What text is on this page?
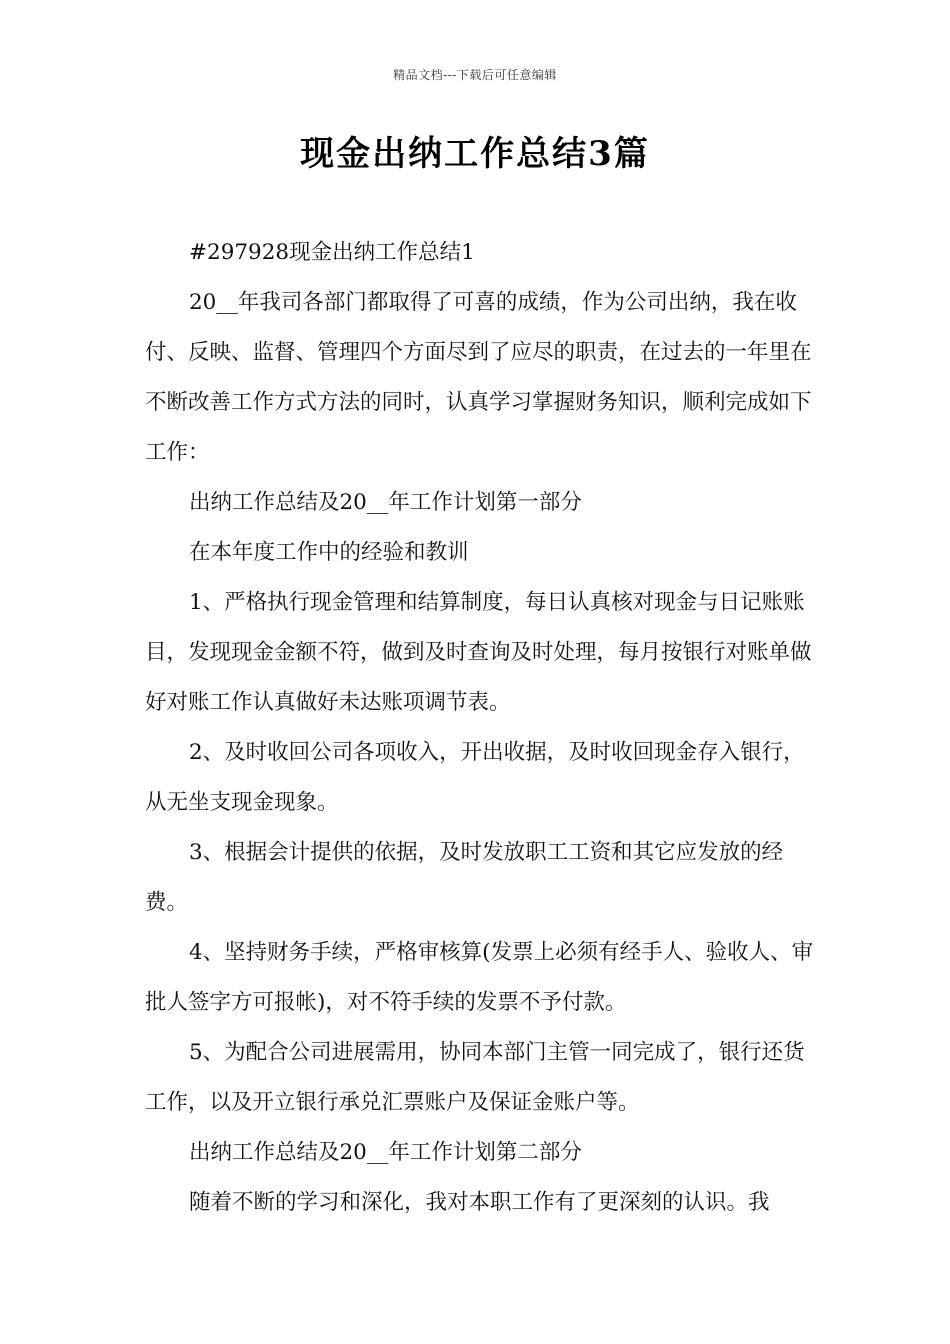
精品文档---下载后可任意编辑
现金出纳工作总结3篇

#297928现金出纳工作总结1

20__年我司各部门都取得了可喜的成绩，作为公司出纳，我在收付、反映、监督、管理四个方面尽到了应尽的职责，在过去的一年里在不断改善工作方式方法的同时，认真学习掌握财务知识，顺利完成如下工作：

出纳工作总结及20__年工作计划第一部分

在本年度工作中的经验和教训

1、严格执行现金管理和结算制度，每日认真核对现金与日记账账目，发现现金金额不符，做到及时查询及时处理，每月按银行对账单做好对账工作认真做好未达账项调节表。

2、及时收回公司各项收入，开出收据，及时收回现金存入银行，从无坐支现金现象。

3、根据会计提供的依据，及时发放职工工资和其它应发放的经费。

4、坚持财务手续，严格审核算(发票上必须有经手人、验收人、审批人签字方可报帐)，对不符手续的发票不予付款。

5、为配合公司进展需用，协同本部门主管一同完成了，银行还货工作，以及开立银行承兑汇票账户及保证金账户等。

出纳工作总结及20__年工作计划第二部分

随着不断的学习和深化，我对本职工作有了更深刻的认识。我
